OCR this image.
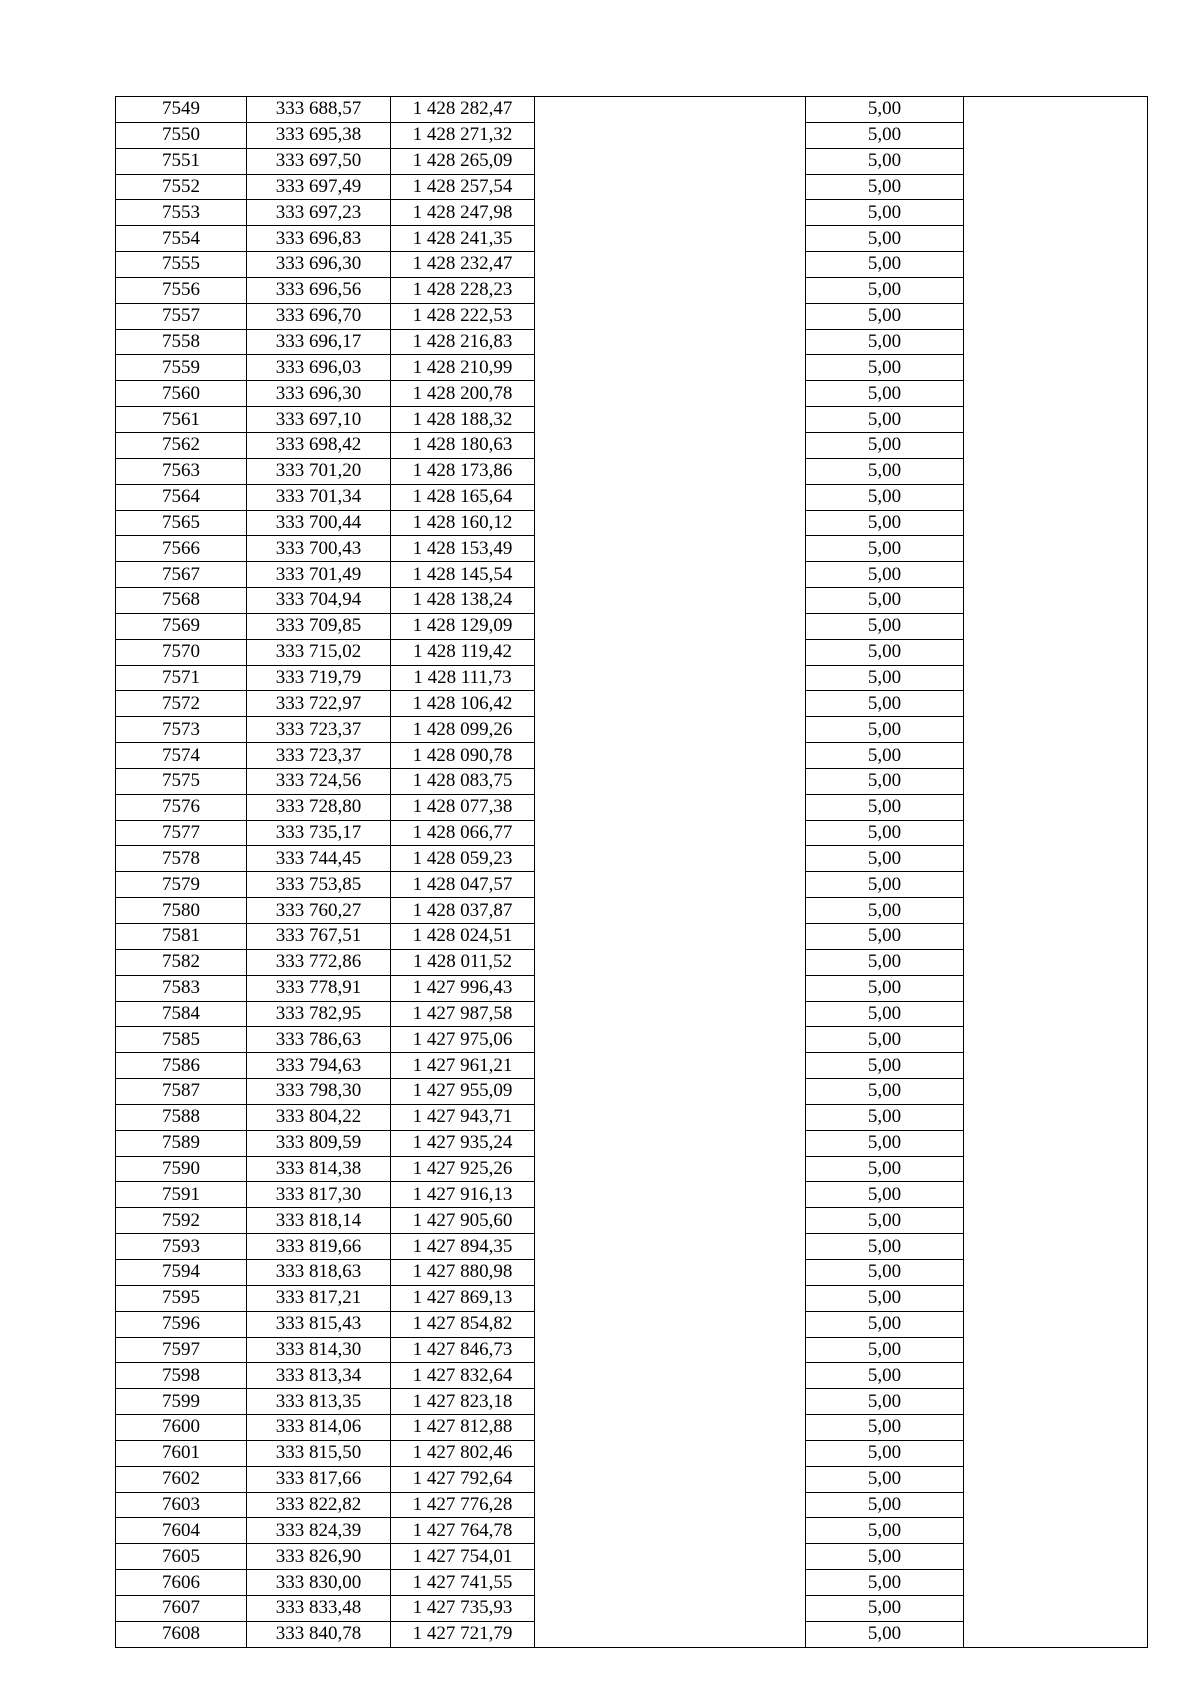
7549	333 688,57	1 428 282,47		5,00	
7550	333 695,38	1 428 271,32		5,00	
7551	333 697,50	1 428 265,09		5,00	
7552	333 697,49	1 428 257,54		5,00	
7553	333 697,23	1 428 247,98		5,00	
7554	333 696,83	1 428 241,35		5,00	
7555	333 696,30	1 428 232,47		5,00	
7556	333 696,56	1 428 228,23		5,00	
7557	333 696,70	1 428 222,53		5,00	
7558	333 696,17	1 428 216,83		5,00	
7559	333 696,03	1 428 210,99		5,00	
7560	333 696,30	1 428 200,78		5,00	
7561	333 697,10	1 428 188,32		5,00	
7562	333 698,42	1 428 180,63		5,00	
7563	333 701,20	1 428 173,86		5,00	
7564	333 701,34	1 428 165,64		5,00	
7565	333 700,44	1 428 160,12		5,00	
7566	333 700,43	1 428 153,49		5,00	
7567	333 701,49	1 428 145,54		5,00	
7568	333 704,94	1 428 138,24		5,00	
7569	333 709,85	1 428 129,09		5,00	
7570	333 715,02	1 428 119,42		5,00	
7571	333 719,79	1 428 111,73		5,00	
7572	333 722,97	1 428 106,42		5,00	
7573	333 723,37	1 428 099,26		5,00	
7574	333 723,37	1 428 090,78		5,00	
7575	333 724,56	1 428 083,75		5,00	
7576	333 728,80	1 428 077,38		5,00	
7577	333 735,17	1 428 066,77		5,00	
7578	333 744,45	1 428 059,23		5,00	
7579	333 753,85	1 428 047,57		5,00	
7580	333 760,27	1 428 037,87		5,00	
7581	333 767,51	1 428 024,51		5,00	
7582	333 772,86	1 428 011,52		5,00	
7583	333 778,91	1 427 996,43		5,00	
7584	333 782,95	1 427 987,58		5,00	
7585	333 786,63	1 427 975,06		5,00	
7586	333 794,63	1 427 961,21		5,00	
7587	333 798,30	1 427 955,09		5,00	
7588	333 804,22	1 427 943,71		5,00	
7589	333 809,59	1 427 935,24		5,00	
7590	333 814,38	1 427 925,26		5,00	
7591	333 817,30	1 427 916,13		5,00	
7592	333 818,14	1 427 905,60		5,00	
7593	333 819,66	1 427 894,35		5,00	
7594	333 818,63	1 427 880,98		5,00	
7595	333 817,21	1 427 869,13		5,00	
7596	333 815,43	1 427 854,82		5,00	
7597	333 814,30	1 427 846,73		5,00	
7598	333 813,34	1 427 832,64		5,00	
7599	333 813,35	1 427 823,18		5,00	
7600	333 814,06	1 427 812,88		5,00	
7601	333 815,50	1 427 802,46		5,00	
7602	333 817,66	1 427 792,64		5,00	
7603	333 822,82	1 427 776,28		5,00	
7604	333 824,39	1 427 764,78		5,00	
7605	333 826,90	1 427 754,01		5,00	
7606	333 830,00	1 427 741,55		5,00	
7607	333 833,48	1 427 735,93		5,00	
7608	333 840,78	1 427 721,79		5,00	
